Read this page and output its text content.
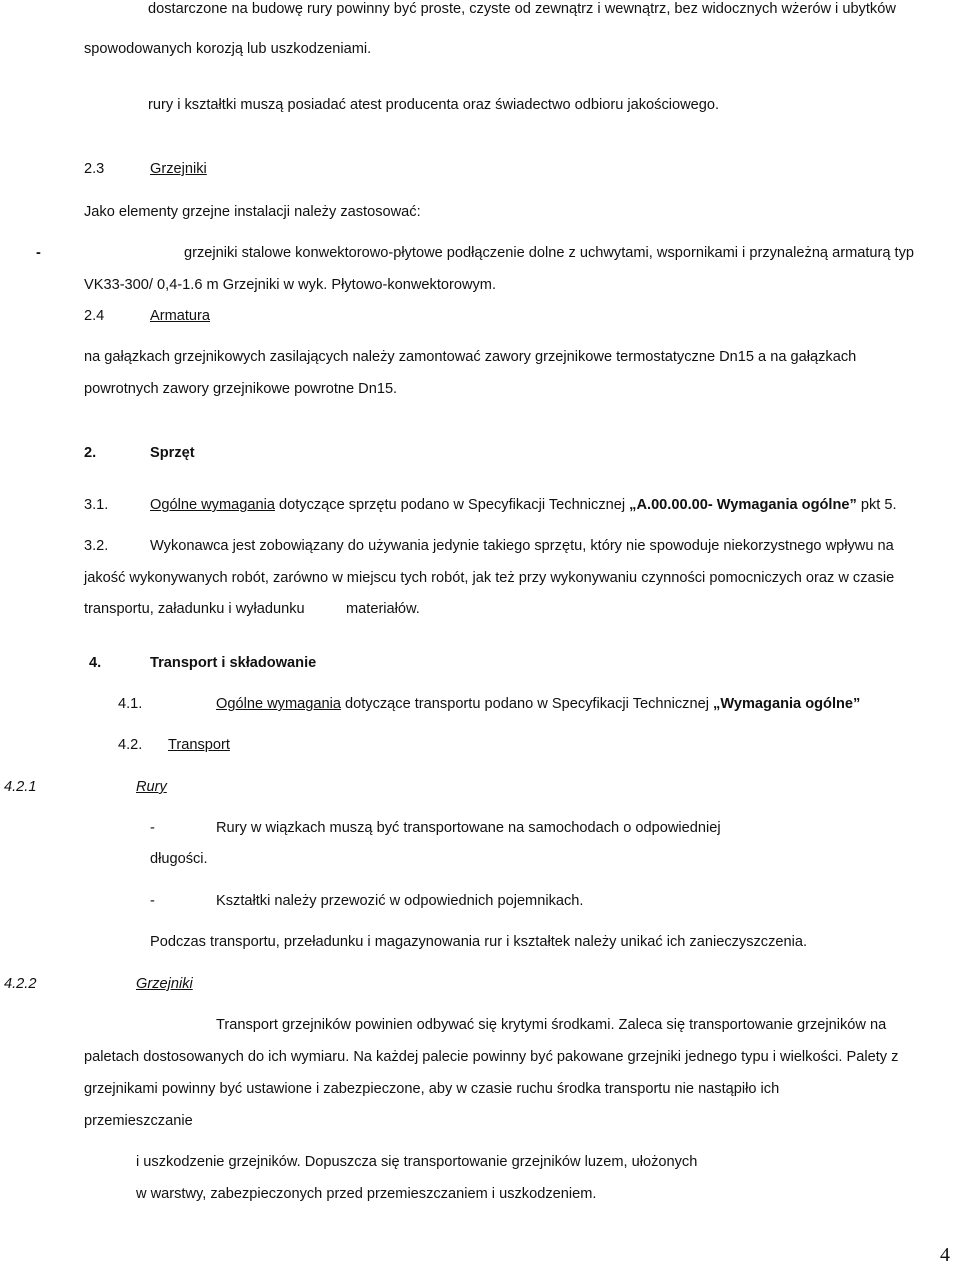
dostarczone na budowę rury powinny być proste, czyste od zewnątrz i wewnątrz, bez widocznych wżerów i ubytków
spowodowanych korozją lub uszkodzeniami.
rury i kształtki muszą posiadać atest producenta oraz świadectwo odbioru jakościowego.
2.3	Grzejniki
Jako elementy grzejne instalacji należy zastosować:
-	grzejniki stalowe konwektorowo-płytowe podłączenie dolne z uchwytami, wspornikami i przynależną armaturą typ
VK33-300/ 0,4-1.6 m Grzejniki w wyk. Płytowo-konwektorowym.
2.4	Armatura
na gałązkach grzejnikowych zasilających należy zamontować zawory grzejnikowe termostatyczne Dn15 a na gałązkach
powrotnych zawory grzejnikowe powrotne Dn15.
2.	Sprzęt
3.1.	Ogólne wymagania dotyczące sprzętu podano w Specyfikacji Technicznej „A.00.00.00- Wymagania ogólne” pkt 5.
3.2.	Wykonawca jest zobowiązany do używania jedynie takiego sprzętu, który nie spowoduje niekorzystnego wpływu na
jakość wykonywanych robót, zarówno w miejscu tych robót, jak też przy wykonywaniu czynności pomocniczych oraz w czasie
transportu, załadunku i wyładunku	materiałów.
4.	Transport i składowanie
4.1.	Ogólne wymagania dotyczące transportu podano w Specyfikacji Technicznej „Wymagania ogólne”
4.2. Transport
4.2.1	Rury
-	Rury w wiązkach muszą być transportowane na samochodach o odpowiedniej
długości.
-	Kształtki należy przewozić w odpowiednich pojemnikach.
Podczas transportu, przeładunku i magazynowania rur i kształtek należy unikać ich zanieczyszczenia.
4.2.2	Grzejniki
Transport grzejników powinien odbywać się krytymi środkami. Zaleca się transportowanie grzejników na
paletach dostosowanych do ich wymiaru. Na każdej palecie powinny być pakowane grzejniki jednego typu i wielkości. Palety z
grzejnikami powinny być ustawione i zabezpieczone, aby w czasie ruchu środka transportu nie nastąpiło ich
przemieszczanie
i uszkodzenie grzejników. Dopuszcza się transportowanie grzejników luzem, ułożonych
w warstwy, zabezpieczonych przed przemieszczaniem i uszkodzeniem.
4
